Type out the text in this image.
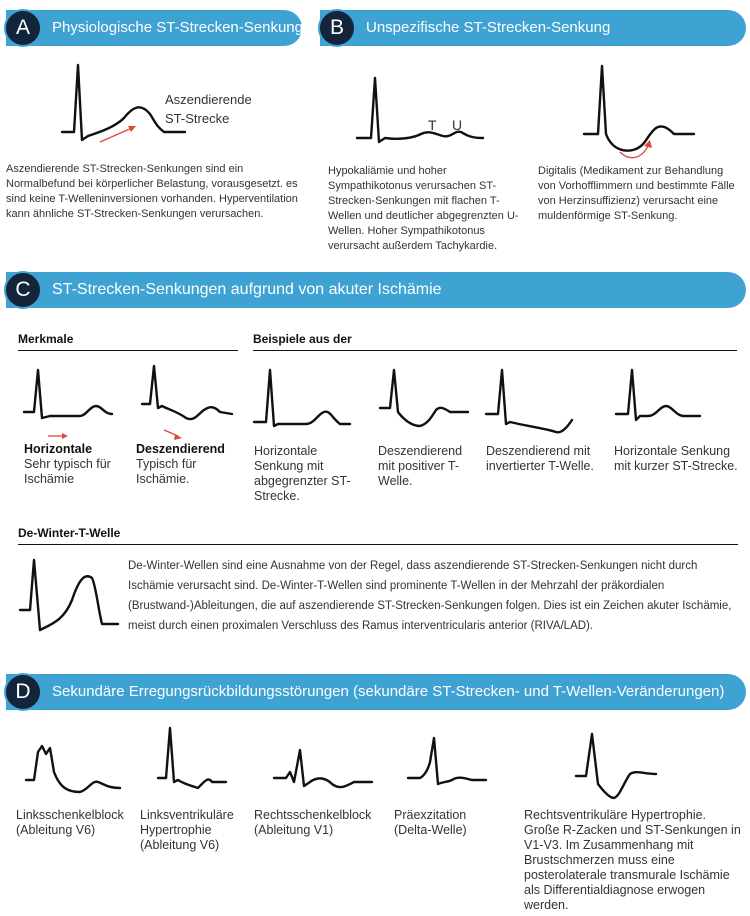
A	Physiologische ST-Strecken-Senkung
Aszendierende
ST-Strecke
Aszendierende ST-Strecken-Senkungen sind ein Normalbefund bei körperlicher Belastung, vorausgesetzt. es sind keine T-Welleninversionen vorhanden. Hyperventilation kann ähnliche ST-Strecken-Senkungen verursachen.
B	Unspezifische ST-Strecken-Senkung
T U
Hypokaliämie und hoher Sympathikotonus verursachen ST-Strecken-Senkungen mit flachen T-Wellen und deutlicher abgegrenzten U-Wellen. Hoher Sympathikotonus verursacht außerdem Tachykardie.
Digitalis (Medikament zur Behandlung von Vorhofflimmern und bestimmte Fälle von Herzinsuffizienz) verursacht eine muldenförmige ST-Senkung.
C	ST-Strecken-Senkungen aufgrund von akuter Ischämie
Merkmale	Beispiele aus der
Horizontale
Sehr typisch für Ischämie
Deszendierend
Typisch für Ischämie.
Horizontale Senkung mit abgegrenzter ST-Strecke.
Deszendierend mit positiver T-Welle.
Deszendierend mit invertierter T-Welle.
Horizontale Senkung mit kurzer ST-Strecke.
De-Winter-T-Welle
De-Winter-Wellen sind eine Ausnahme von der Regel, dass aszendierende ST-Strecken-Senkungen nicht durch Ischämie verursacht sind. De-Winter-T-Wellen sind prominente T-Wellen in der Mehrzahl der präkordialen (Brustwand-)Ableitungen, die auf aszendierende ST-Strecken-Senkungen folgen. Dies ist ein Zeichen akuter Ischämie, meist durch einen proximalen Verschluss des Ramus interventricularis anterior (RIVA/LAD).
D	Sekundäre Erregungsrückbildungsstörungen (sekundäre ST-Strecken- und T-Wellen-Veränderungen)
Linksschenkelblock (Ableitung V6)
Linksventrikuläre Hypertrophie (Ableitung V6)
Rechtsschenkelblock (Ableitung V1)
Präexzitation (Delta-Welle)
Rechtsventrikuläre Hypertrophie. Große R-Zacken und ST-Senkungen in V1-V3. Im Zusammenhang mit Brustschmerzen muss eine posterolaterale transmurale Ischämie als Differentialdiagnose erwogen werden.
